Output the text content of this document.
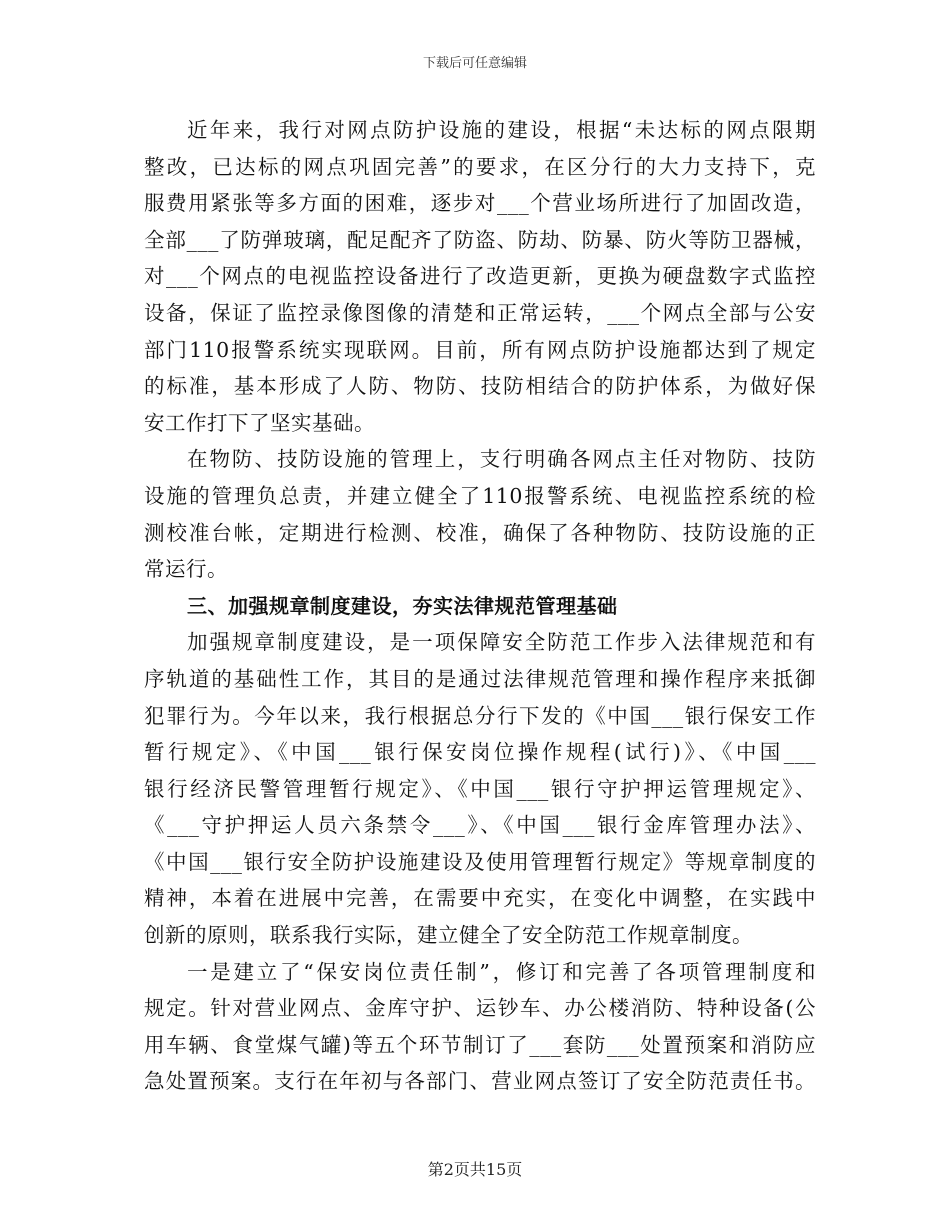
下载后可任意编辑
近年来，我行对网点防护设施的建设，根据“未达标的网点限期
整改，已达标的网点巩固完善”的要求，在区分行的大力支持下，克
服费用紧张等多方面的困难，逐步对___个营业场所进行了加固改造，
全部___了防弹玻璃，配足配齐了防盗、防劫、防暴、防火等防卫器械，
对___个网点的电视监控设备进行了改造更新，更换为硬盘数字式监控
设备，保证了监控录像图像的清楚和正常运转，___个网点全部与公安
部门110报警系统实现联网。目前，所有网点防护设施都达到了规定
的标准，基本形成了人防、物防、技防相结合的防护体系，为做好保
安工作打下了坚实基础。
在物防、技防设施的管理上，支行明确各网点主任对物防、技防
设施的管理负总责，并建立健全了110报警系统、电视监控系统的检
测校准台帐，定期进行检测、校准，确保了各种物防、技防设施的正
常运行。
三、加强规章制度建设，夯实法律规范管理基础
加强规章制度建设，是一项保障安全防范工作步入法律规范和有
序轨道的基础性工作，其目的是通过法律规范管理和操作程序来抵御
犯罪行为。今年以来，我行根据总分行下发的《中国___银行保安工作
暂行规定》、《中国___银行保安岗位操作规程(试行)》、《中国___
银行经济民警管理暂行规定》、《中国___银行守护押运管理规定》、
《___守护押运人员六条禁令___》、《中国___银行金库管理办法》、
《中国___银行安全防护设施建设及使用管理暂行规定》等规章制度的
精神，本着在进展中完善，在需要中充实，在变化中调整，在实践中
创新的原则，联系我行实际，建立健全了安全防范工作规章制度。
一是建立了“保安岗位责任制”，修订和完善了各项管理制度和
规定。针对营业网点、金库守护、运钞车、办公楼消防、特种设备(公
用车辆、食堂煤气罐)等五个环节制订了___套防___处置预案和消防应
急处置预案。支行在年初与各部门、营业网点签订了安全防范责任书。
第2页共15页
